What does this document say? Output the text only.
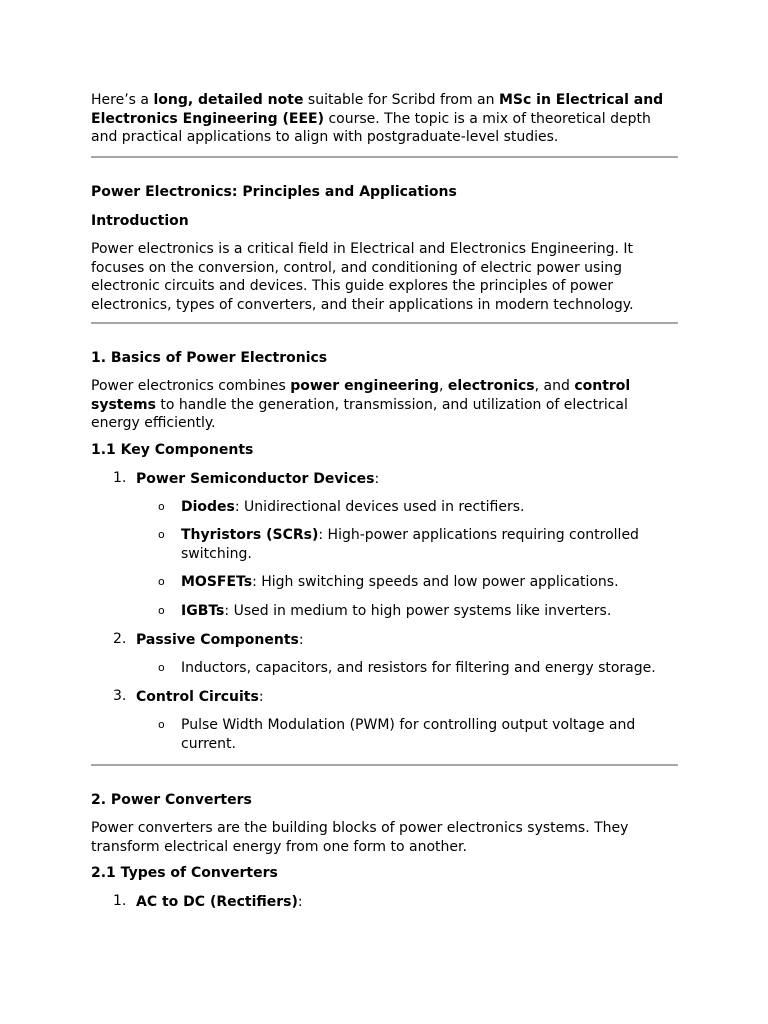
Here’s a long, detailed note suitable for Scribd from an MSc in Electrical and Electronics Engineering (EEE) course. The topic is a mix of theoretical depth and practical applications to align with postgraduate-level studies.

Power Electronics: Principles and Applications

Introduction

Power electronics is a critical field in Electrical and Electronics Engineering. It focuses on the conversion, control, and conditioning of electric power using electronic circuits and devices. This guide explores the principles of power electronics, types of converters, and their applications in modern technology.

1. Basics of Power Electronics

Power electronics combines power engineering, electronics, and control systems to handle the generation, transmission, and utilization of electrical energy efficiently.

1.1 Key Components

1. Power Semiconductor Devices:
o Diodes: Unidirectional devices used in rectifiers.
o Thyristors (SCRs): High-power applications requiring controlled switching.
o MOSFETs: High switching speeds and low power applications.
o IGBTs: Used in medium to high power systems like inverters.
2. Passive Components:
o Inductors, capacitors, and resistors for filtering and energy storage.
3. Control Circuits:
o Pulse Width Modulation (PWM) for controlling output voltage and current.

2. Power Converters

Power converters are the building blocks of power electronics systems. They transform electrical energy from one form to another.

2.1 Types of Converters

1. AC to DC (Rectifiers):
